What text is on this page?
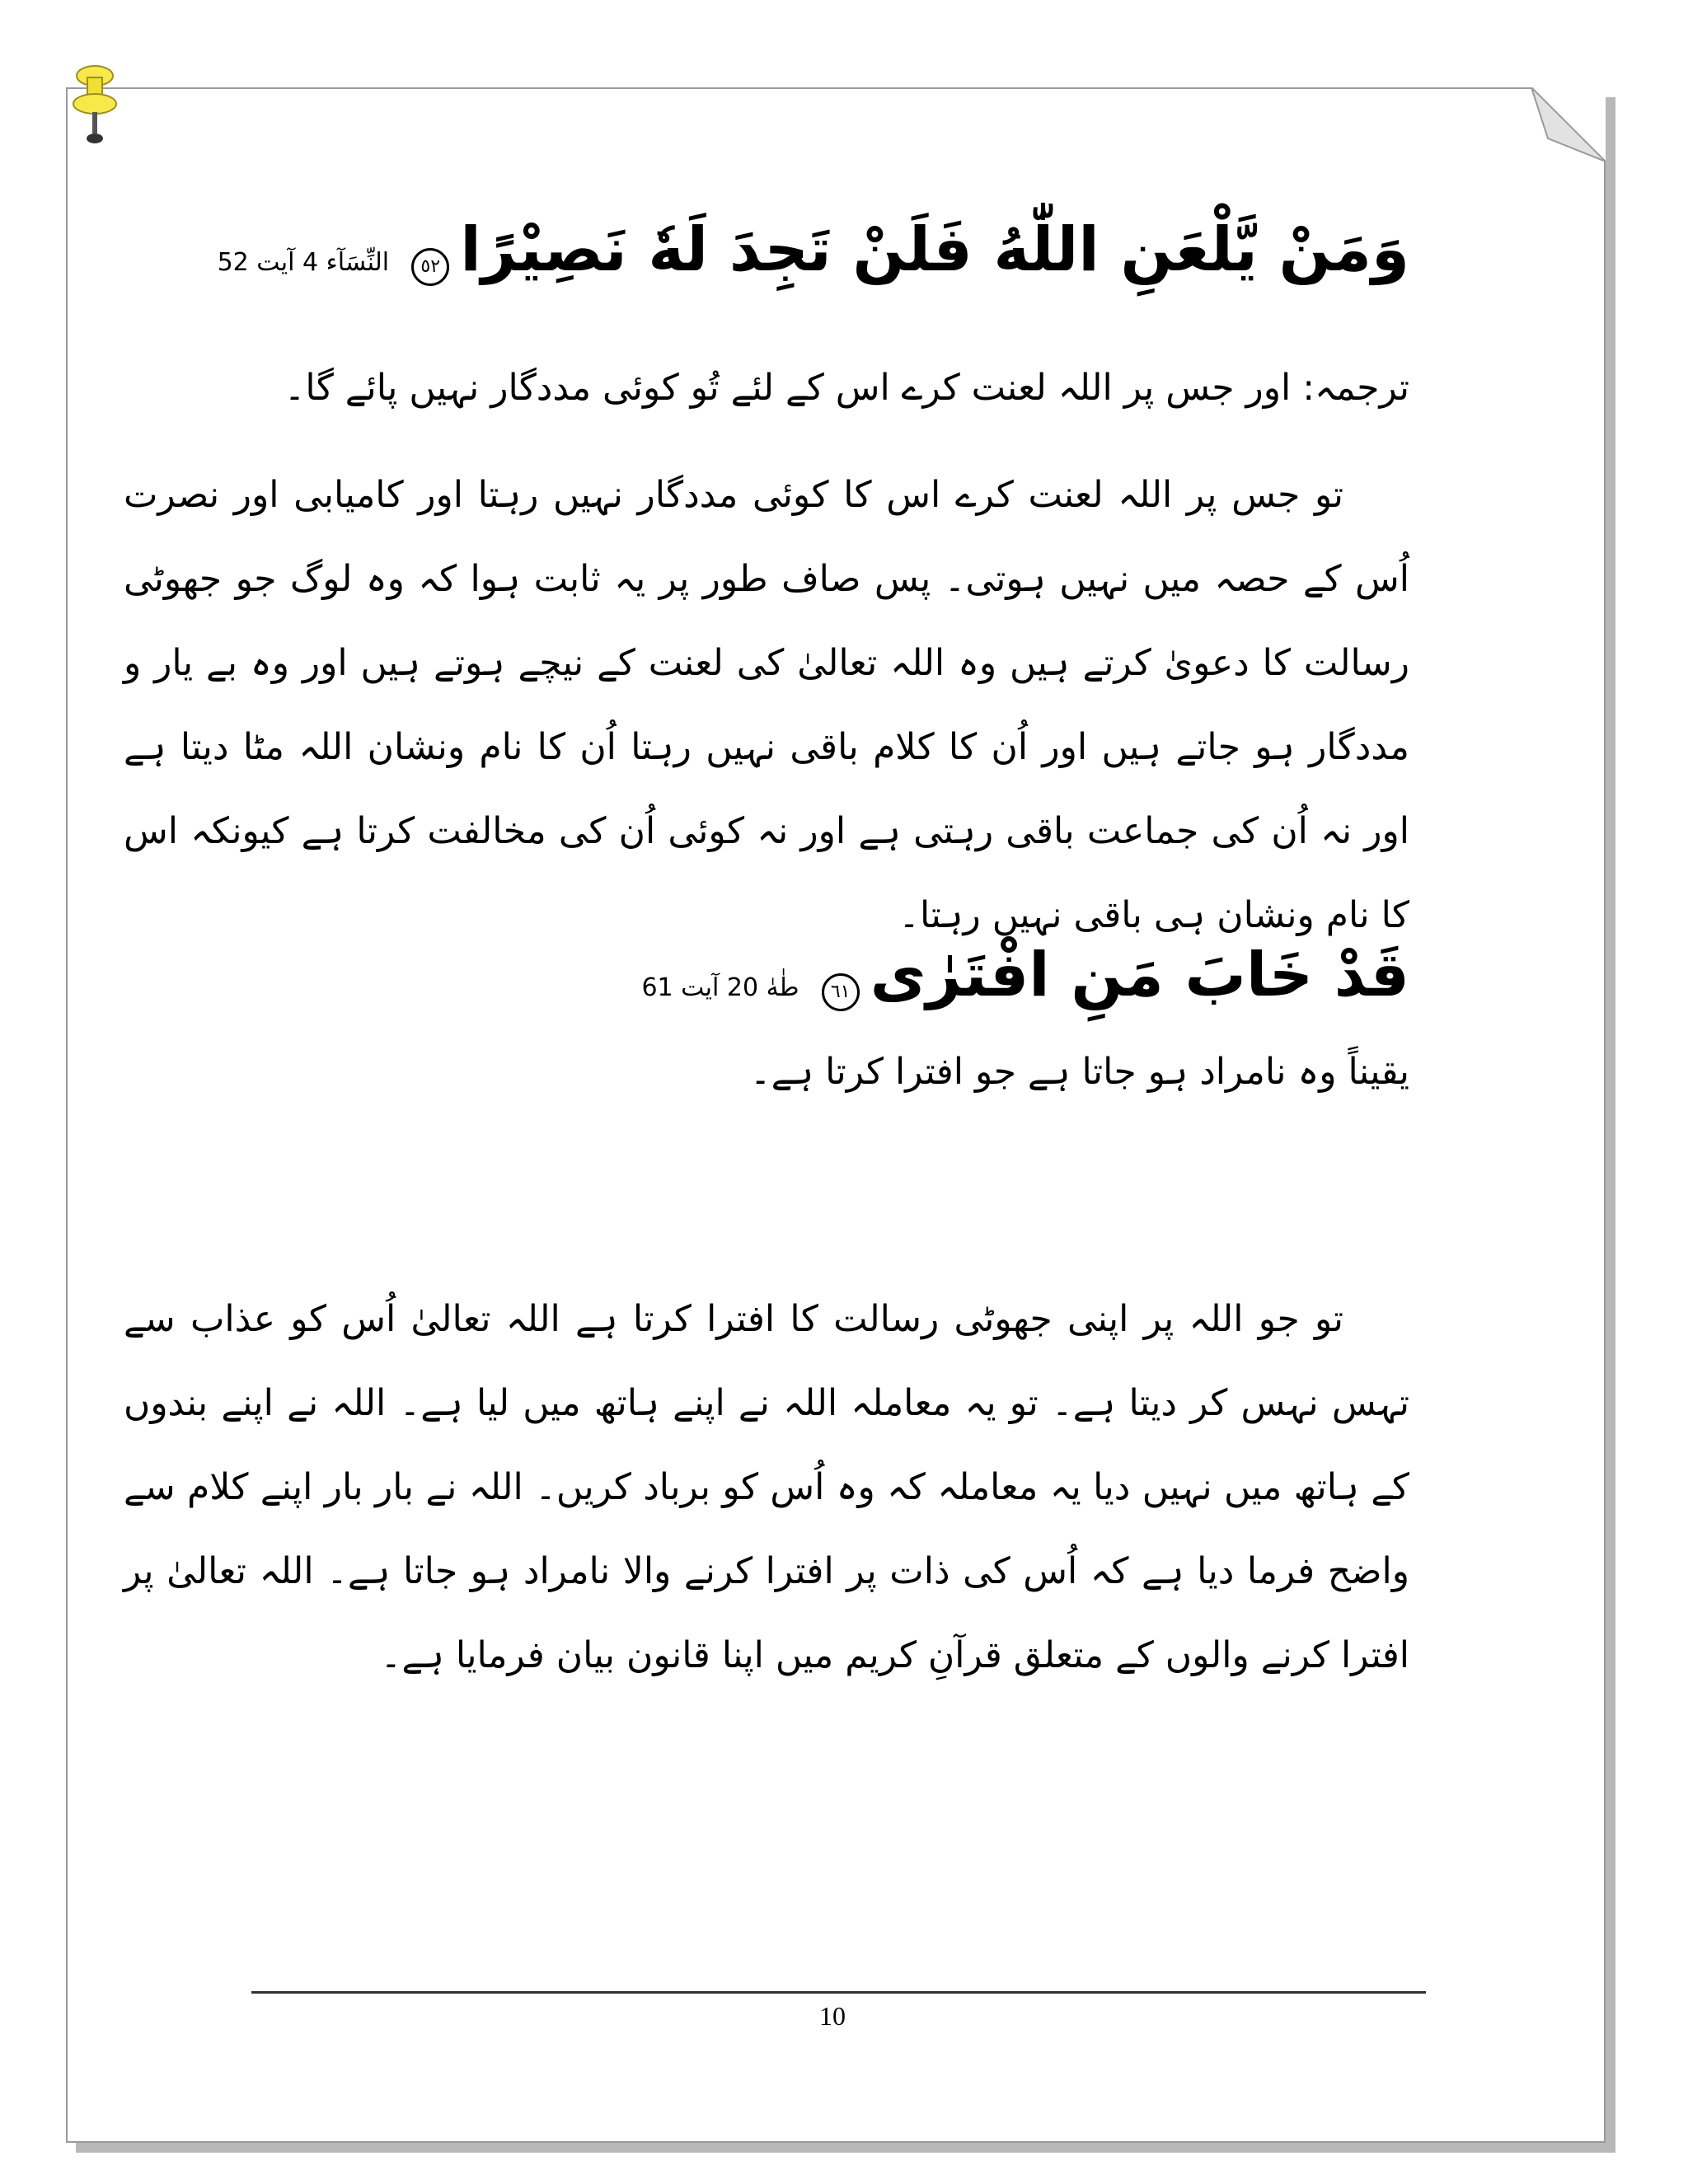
وَمَنْ يَّلْعَنِ اللّٰهُ فَلَنْ تَجِدَ لَهٗ نَصِيْرًا ٥٢ النِّسَآء 4 آیت 52
ترجمہ: اور جس پر اللہ لعنت کرے اس کے لئے تُو کوئی مددگار نہیں پائے گا۔
تو جس پر اللہ لعنت کرے اس کا کوئی مددگار نہیں رہتا اور کامیابی اور نصرت اُس کے حصہ میں نہیں ہوتی۔ پس صاف طور پر یہ ثابت ہوا کہ وہ لوگ جو جھوٹی رسالت کا دعویٰ کرتے ہیں وہ اللہ تعالیٰ کی لعنت کے نیچے ہوتے ہیں اور وہ بے یار و مددگار ہو جاتے ہیں اور اُن کا کلام باقی نہیں رہتا اُن کا نام ونشان اللہ مٹا دیتا ہے اور نہ اُن کی جماعت باقی رہتی ہے اور نہ کوئی اُن کی مخالفت کرتا ہے کیونکہ اس کا نام ونشان ہی باقی نہیں رہتا۔
قَدْ خَابَ مَنِ افْتَرٰى ٦١ طٰهٰ 20 آیت 61
یقیناً وہ نامراد ہو جاتا ہے جو افترا کرتا ہے۔
تو جو اللہ پر اپنی جھوٹی رسالت کا افترا کرتا ہے اللہ تعالیٰ اُس کو عذاب سے تہس نہس کر دیتا ہے۔ تو یہ معاملہ اللہ نے اپنے ہاتھ میں لیا ہے۔ اللہ نے اپنے بندوں کے ہاتھ میں نہیں دیا یہ معاملہ کہ وہ اُس کو برباد کریں۔ اللہ نے بار بار اپنے کلام سے واضح فرما دیا ہے کہ اُس کی ذات پر افترا کرنے والا نامراد ہو جاتا ہے۔ اللہ تعالیٰ پر افترا کرنے والوں کے متعلق قرآنِ کریم میں اپنا قانون بیان فرمایا ہے۔
10
